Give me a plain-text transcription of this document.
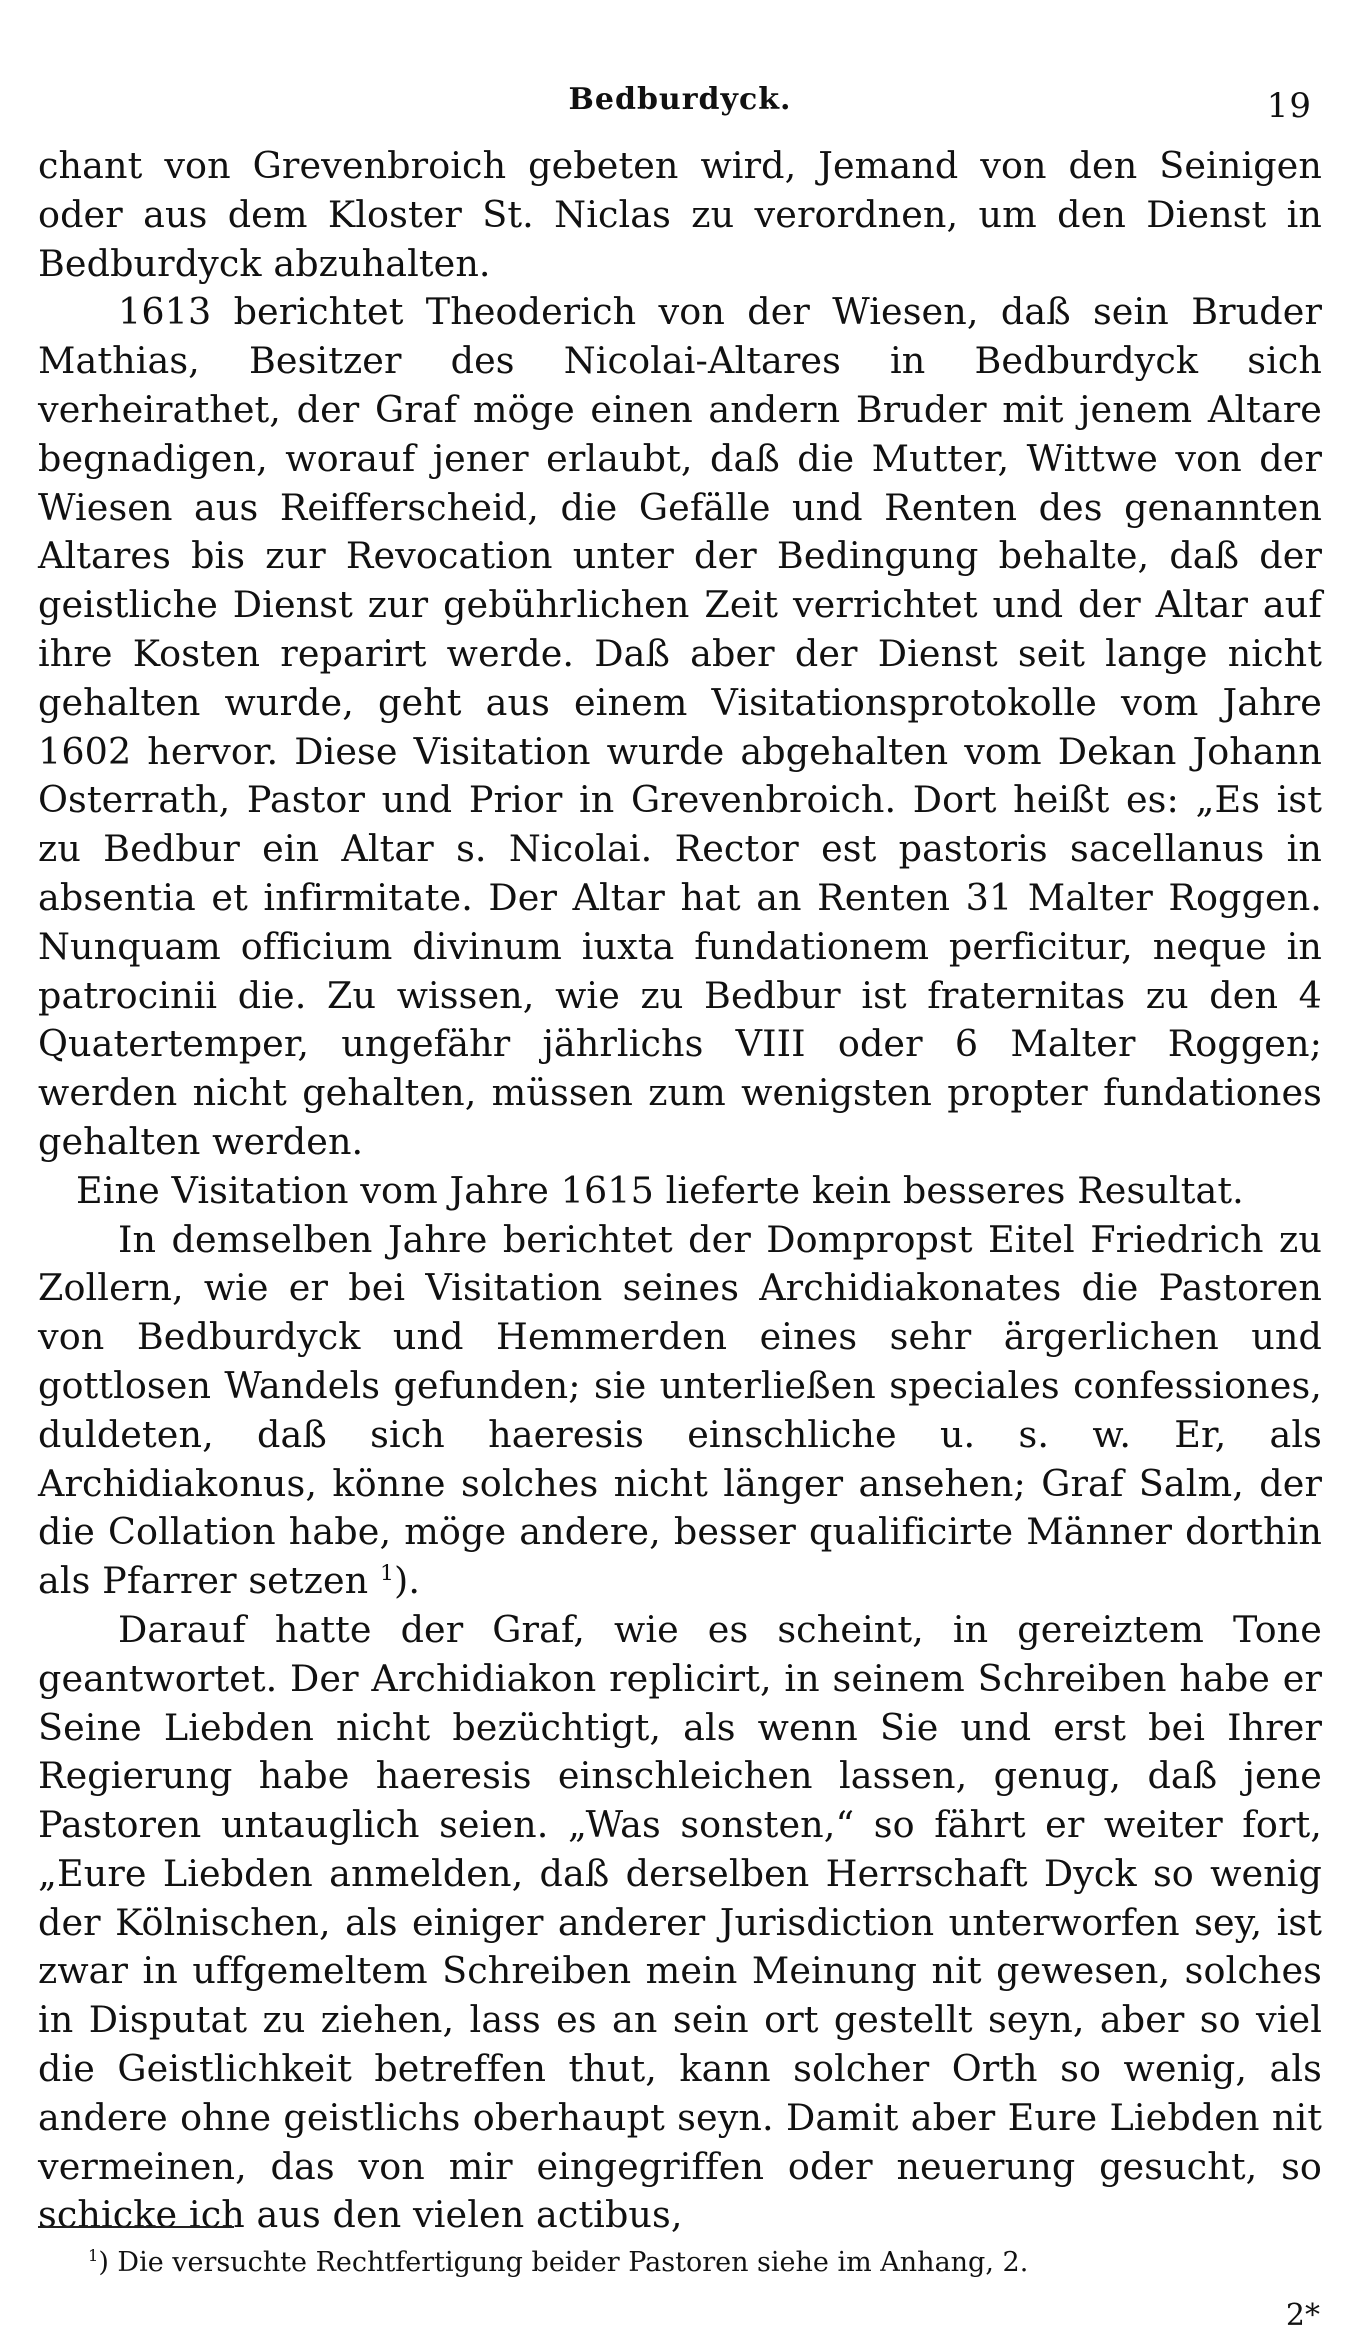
Bedburdyck.	19

chant von Grevenbroich gebeten wird, Jemand von den Seinigen oder aus dem Kloster St. Niclas zu verordnen, um den Dienst in Bedburdyck abzuhalten.

1613 berichtet Theoderich von der Wiesen, daß sein Bruder Mathias, Besitzer des Nicolai-Altares in Bedburdyck sich verheirathet, der Graf möge einen andern Bruder mit jenem Altare begnadigen, worauf jener erlaubt, daß die Mutter, Wittwe von der Wiesen aus Reifferscheid, die Gefälle und Renten des genannten Altares bis zur Revocation unter der Bedingung behalte, daß der geistliche Dienst zur gebührlichen Zeit verrichtet und der Altar auf ihre Kosten reparirt werde. Daß aber der Dienst seit lange nicht gehalten wurde, geht aus einem Visitationsprotokolle vom Jahre 1602 hervor. Diese Visitation wurde abgehalten vom Dekan Johann Osterrath, Pastor und Prior in Grevenbroich. Dort heißt es: „Es ist zu Bedbur ein Altar s. Nicolai. Rector est pastoris sacellanus in absentia et infirmitate. Der Altar hat an Renten 31 Malter Roggen. Nunquam officium divinum iuxta fundationem perficitur, neque in patrocinii die. Zu wissen, wie zu Bedbur ist fraternitas zu den 4 Quatertemper, ungefähr jährlichs VIII oder 6 Malter Roggen; werden nicht gehalten, müssen zum wenigsten propter fundationes gehalten werden.

Eine Visitation vom Jahre 1615 lieferte kein besseres Resultat.

In demselben Jahre berichtet der Dompropst Eitel Friedrich zu Zollern, wie er bei Visitation seines Archidiakonates die Pastoren von Bedburdyck und Hemmerden eines sehr ärgerlichen und gottlosen Wandels gefunden; sie unterließen speciales confessiones, duldeten, daß sich haeresis einschliche u. s. w. Er, als Archidiakonus, könne solches nicht länger ansehen; Graf Salm, der die Collation habe, möge andere, besser qualificirte Männer dorthin als Pfarrer setzen $^1$).

Darauf hatte der Graf, wie es scheint, in gereiztem Tone geantwortet. Der Archidiakon replicirt, in seinem Schreiben habe er Seine Liebden nicht bezüchtigt, als wenn Sie und erst bei Ihrer Regierung habe haeresis einschleichen lassen, genug, daß jene Pastoren untauglich seien. „Was sonsten,“ so fährt er weiter fort, „Eure Liebden anmelden, daß derselben Herrschaft Dyck so wenig der Kölnischen, als einiger anderer Jurisdiction unterworfen sey, ist zwar in uffgemeltem Schreiben mein Meinung nit gewesen, solches in Disputat zu ziehen, lass es an sein ort gestellt seyn, aber so viel die Geistlichkeit betreffen thut, kann solcher Orth so wenig, als andere ohne geistlichs oberhaupt seyn. Damit aber Eure Liebden nit vermeinen, das von mir eingegriffen oder neuerung gesucht, so schicke ich aus den vielen actibus,

$^1$) Die versuchte Rechtfertigung beider Pastoren siehe im Anhang, 2.
2*
